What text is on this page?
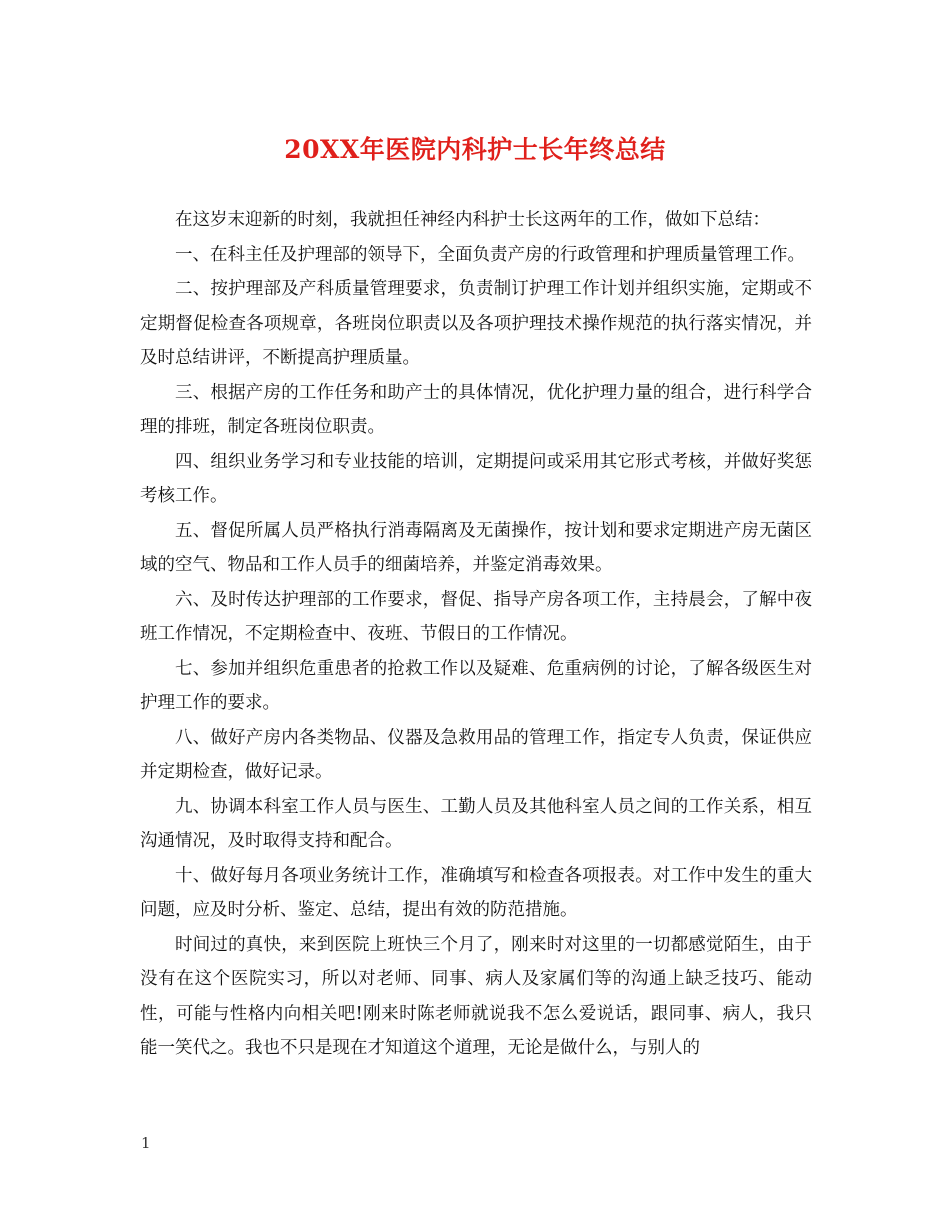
20XX年医院内科护士长年终总结

在这岁末迎新的时刻，我就担任神经内科护士长这两年的工作，做如下总结：

一、在科主任及护理部的领导下，全面负责产房的行政管理和护理质量管理工作。

二、按护理部及产科质量管理要求，负责制订护理工作计划并组织实施，定期或不定期督促检查各项规章，各班岗位职责以及各项护理技术操作规范的执行落实情况，并及时总结讲评，不断提高护理质量。

三、根据产房的工作任务和助产士的具体情况，优化护理力量的组合，进行科学合理的排班，制定各班岗位职责。

四、组织业务学习和专业技能的培训，定期提问或采用其它形式考核，并做好奖惩考核工作。

五、督促所属人员严格执行消毒隔离及无菌操作，按计划和要求定期进产房无菌区域的空气、物品和工作人员手的细菌培养，并鉴定消毒效果。

六、及时传达护理部的工作要求，督促、指导产房各项工作，主持晨会，了解中夜班工作情况，不定期检查中、夜班、节假日的工作情况。

七、参加并组织危重患者的抢救工作以及疑难、危重病例的讨论，了解各级医生对护理工作的要求。

八、做好产房内各类物品、仪器及急救用品的管理工作，指定专人负责，保证供应并定期检查，做好记录。

九、协调本科室工作人员与医生、工勤人员及其他科室人员之间的工作关系，相互沟通情况，及时取得支持和配合。

十、做好每月各项业务统计工作，准确填写和检查各项报表。对工作中发生的重大问题，应及时分析、鉴定、总结，提出有效的防范措施。

时间过的真快，来到医院上班快三个月了，刚来时对这里的一切都感觉陌生，由于没有在这个医院实习，所以对老师、同事、病人及家属们等的沟通上缺乏技巧、能动性，可能与性格内向相关吧!刚来时陈老师就说我不怎么爱说话，跟同事、病人，我只能一笑代之。我也不只是现在才知道这个道理，无论是做什么，与别人的

1
